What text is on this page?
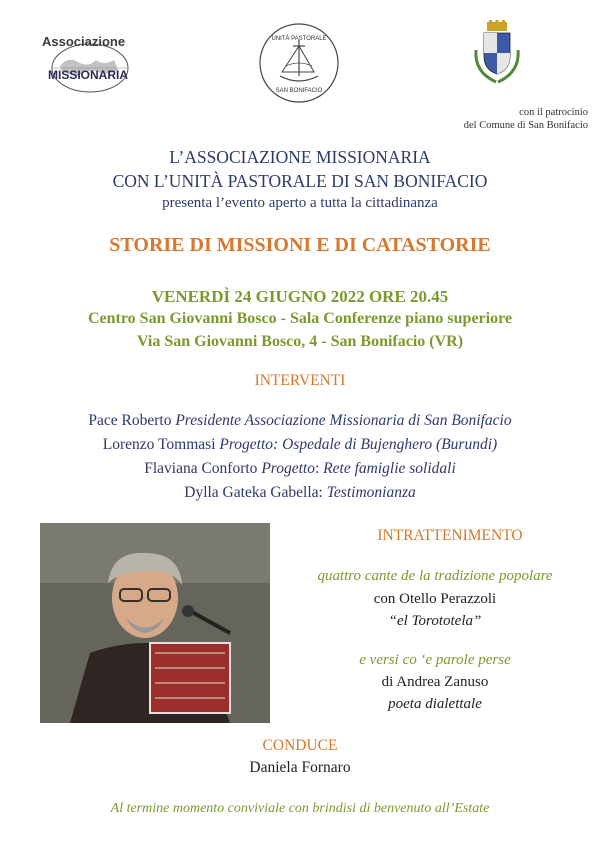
Associazione
MISSIONARIA
UNITÀ PASTORALE
SAN BONIFACIO
con il patrocinio
del Comune di San Bonifacio
L’ASSOCIAZIONE MISSIONARIA
CON L’UNITÀ PASTORALE DI SAN BONIFACIO
presenta l’evento aperto a tutta la cittadinanza
STORIE DI MISSIONI E DI CATASTORIE
VENERDÌ 24 GIUGNO 2022 ORE 20.45
Centro San Giovanni Bosco - Sala Conferenze piano superiore
Via San Giovanni Bosco, 4 - San Bonifacio (VR)
INTERVENTI
Pace Roberto Presidente Associazione Missionaria di San Bonifacio
Lorenzo Tommasi Progetto: Ospedale di Bujenghero (Burundi)
Flaviana Conforto Progetto: Rete famiglie solidali
Dylla Gateka Gabella: Testimonianza
INTRATTENIMENTO
quattro cante de la tradizione popolare
con Otello Perazzoli
“el Torototela”
e versi co ‘e parole perse
di Andrea Zanuso
poeta dialettale
CONDUCE
Daniela Fornaro
Al termine momento conviviale con brindisi di benvenuto all’Estate
